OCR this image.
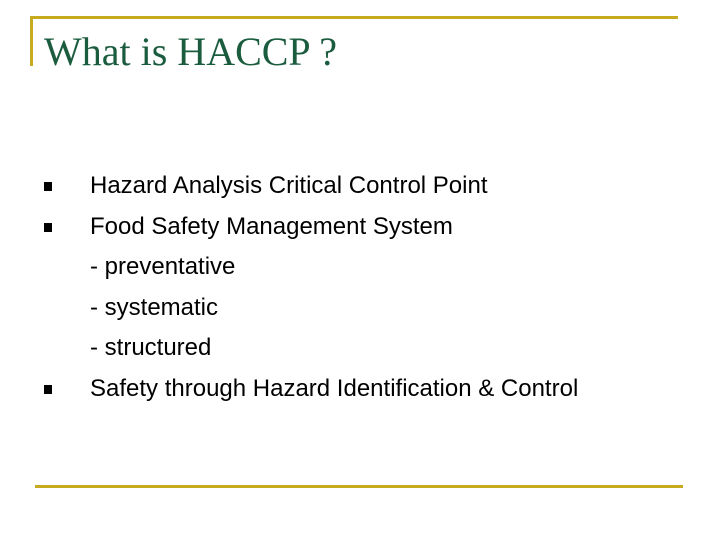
What is HACCP ?
Hazard Analysis Critical Control Point
Food Safety Management System
- preventative
- systematic
- structured
Safety through Hazard Identification & Control
